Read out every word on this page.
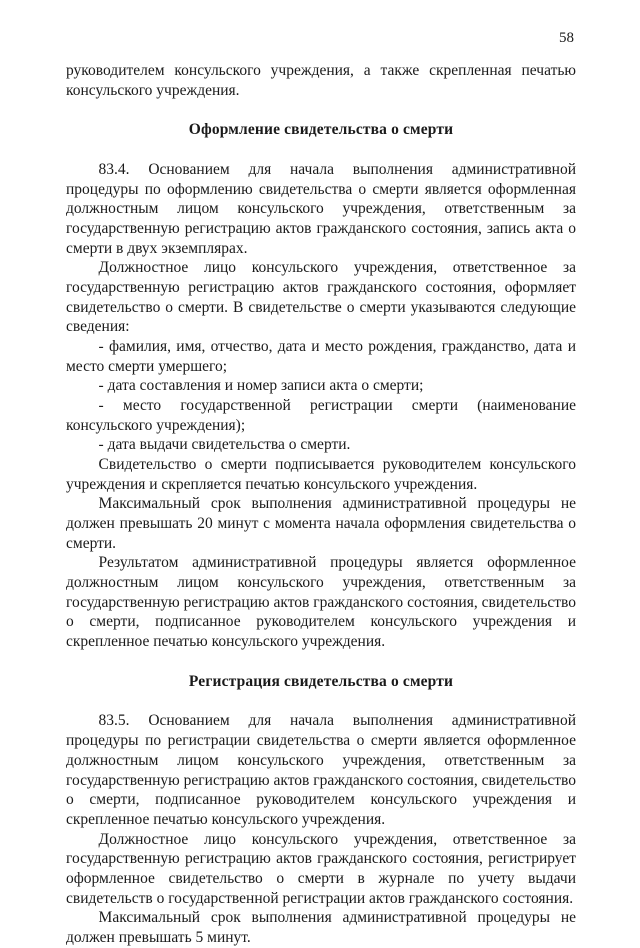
58

руководителем консульского учреждения, а также скрепленная печатью консульского учреждения.

Оформление свидетельства о смерти

83.4. Основанием для начала выполнения административной процедуры по оформлению свидетельства о смерти является оформленная должностным лицом консульского учреждения, ответственным за государственную регистрацию актов гражданского состояния, запись акта о смерти в двух экземплярах.

Должностное лицо консульского учреждения, ответственное за государственную регистрацию актов гражданского состояния, оформляет свидетельство о смерти. В свидетельстве о смерти указываются следующие сведения:

- фамилия, имя, отчество, дата и место рождения, гражданство, дата и место смерти умершего;

- дата составления и номер записи акта о смерти;

- место государственной регистрации смерти (наименование консульского учреждения);

- дата выдачи свидетельства о смерти.

Свидетельство о смерти подписывается руководителем консульского учреждения и скрепляется печатью консульского учреждения.

Максимальный срок выполнения административной процедуры не должен превышать 20 минут с момента начала оформления свидетельства о смерти.

Результатом административной процедуры является оформленное должностным лицом консульского учреждения, ответственным за государственную регистрацию актов гражданского состояния, свидетельство о смерти, подписанное руководителем консульского учреждения и скрепленное печатью консульского учреждения.

Регистрация свидетельства о смерти

83.5. Основанием для начала выполнения административной процедуры по регистрации свидетельства о смерти является оформленное должностным лицом консульского учреждения, ответственным за государственную регистрацию актов гражданского состояния, свидетельство о смерти, подписанное руководителем консульского учреждения и скрепленное печатью консульского учреждения.

Должностное лицо консульского учреждения, ответственное за государственную регистрацию актов гражданского состояния, регистрирует оформленное свидетельство о смерти в журнале по учету выдачи свидетельств о государственной регистрации актов гражданского состояния.

Максимальный срок выполнения административной процедуры не должен превышать 5 минут.
